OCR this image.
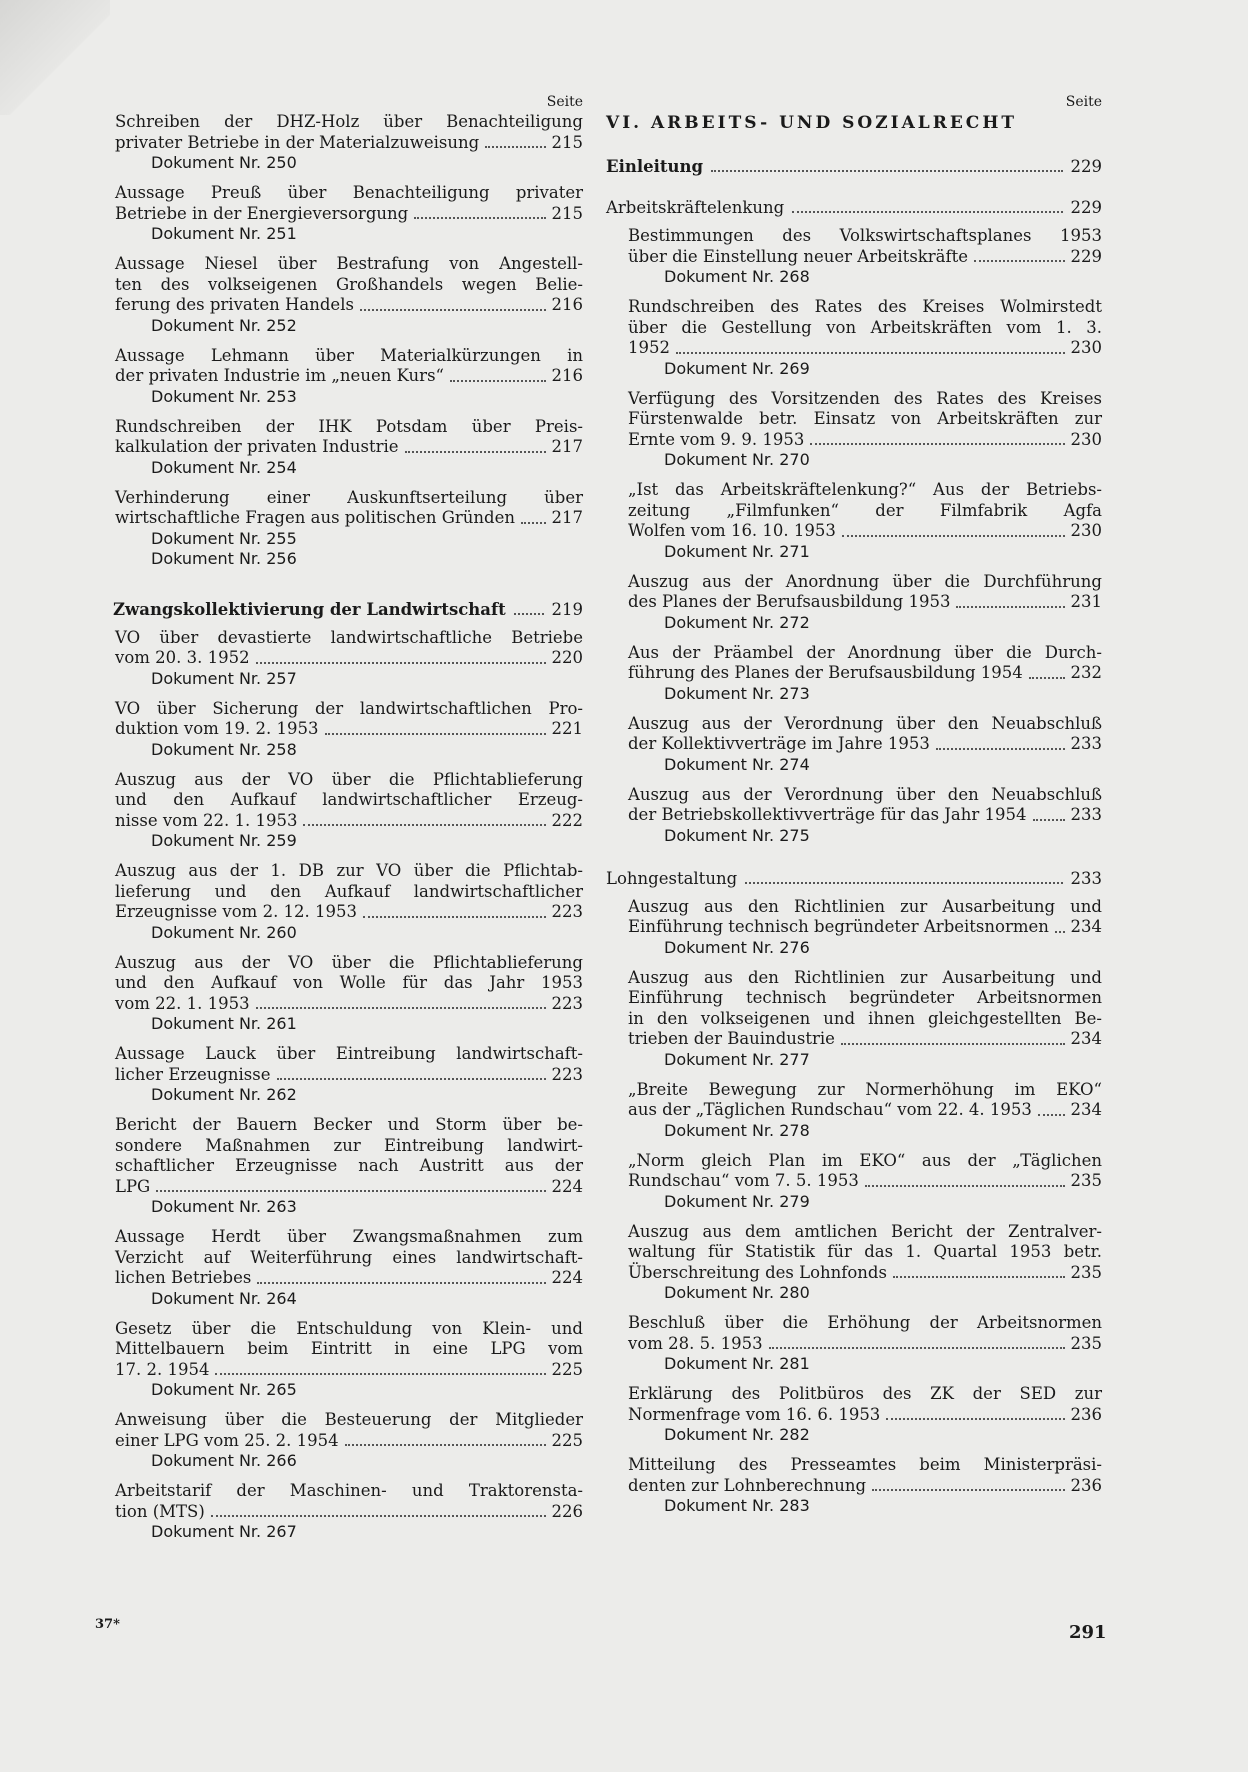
Seite
Schreiben der DHZ-Holz über Benachteiligung
privater Betriebe in der Materialzuweisung	215
Dokument Nr. 250
Aussage Preuß über Benachteiligung privater
Betriebe in der Energieversorgung	215
Dokument Nr. 251
Aussage Niesel über Bestrafung von Angestell-
ten des volkseigenen Großhandels wegen Belie-
ferung des privaten Handels	216
Dokument Nr. 252
Aussage Lehmann über Materialkürzungen in
der privaten Industrie im „neuen Kurs“	216
Dokument Nr. 253
Rundschreiben der IHK Potsdam über Preis-
kalkulation der privaten Industrie	217
Dokument Nr. 254
Verhinderung einer Auskunftserteilung über
wirtschaftliche Fragen aus politischen Gründen 217
Dokument Nr. 255
Dokument Nr. 256
Zwangskollektivierung der Landwirtschaft	219
VO über devastierte landwirtschaftliche Betriebe
vom 20. 3. 1952	220
Dokument Nr. 257
VO über Sicherung der landwirtschaftlichen Pro-
duktion vom 19. 2. 1953	221
Dokument Nr. 258
Auszug aus der VO über die Pflichtablieferung
und den Aufkauf landwirtschaftlicher Erzeug-
nisse vom 22. 1. 1953	222
Dokument Nr. 259
Auszug aus der 1. DB zur VO über die Pflichtab-
lieferung und den Aufkauf landwirtschaftlicher
Erzeugnisse vom 2. 12. 1953	223
Dokument Nr. 260
Auszug aus der VO über die Pflichtablieferung
und den Aufkauf von Wolle für das Jahr 1953
vom 22. 1. 1953	223
Dokument Nr. 261
Aussage Lauck über Eintreibung landwirtschaft-
licher Erzeugnisse	223
Dokument Nr. 262
Bericht der Bauern Becker und Storm über be-
sondere Maßnahmen zur Eintreibung landwirt-
schaftlicher Erzeugnisse nach Austritt aus der
LPG	224
Dokument Nr. 263
Aussage Herdt über Zwangsmaßnahmen zum
Verzicht auf Weiterführung eines landwirtschaft-
lichen Betriebes	224
Dokument Nr. 264
Gesetz über die Entschuldung von Klein- und
Mittelbauern beim Eintritt in eine LPG vom
17. 2. 1954	225
Dokument Nr. 265
Anweisung über die Besteuerung der Mitglieder
einer LPG vom 25. 2. 1954	225
Dokument Nr. 266
Arbeitstarif der Maschinen- und Traktorensta-
tion (MTS)	226
Dokument Nr. 267
Seite
VI. ARBEITS- UND SOZIALRECHT
Einleitung	229
Arbeitskräftelenkung	229
Bestimmungen des Volkswirtschaftsplanes 1953
über die Einstellung neuer Arbeitskräfte	229
Dokument Nr. 268
Rundschreiben des Rates des Kreises Wolmirstedt
über die Gestellung von Arbeitskräften vom 1. 3.
1952	230
Dokument Nr. 269
Verfügung des Vorsitzenden des Rates des Kreises
Fürstenwalde betr. Einsatz von Arbeitskräften zur
Ernte vom 9. 9. 1953	230
Dokument Nr. 270
„Ist das Arbeitskräftelenkung?“ Aus der Betriebs-
zeitung „Filmfunken“ der Filmfabrik Agfa
Wolfen vom 16. 10. 1953	230
Dokument Nr. 271
Auszug aus der Anordnung über die Durchführung
des Planes der Berufsausbildung 1953	231
Dokument Nr. 272
Aus der Präambel der Anordnung über die Durch-
führung des Planes der Berufsausbildung 1954	232
Dokument Nr. 273
Auszug aus der Verordnung über den Neuabschluß
der Kollektivverträge im Jahre 1953	233
Dokument Nr. 274
Auszug aus der Verordnung über den Neuabschluß
der Betriebskollektivverträge für das Jahr 1954	233
Dokument Nr. 275
Lohngestaltung	233
Auszug aus den Richtlinien zur Ausarbeitung und
Einführung technisch begründeter Arbeitsnormen 234
Dokument Nr. 276
Auszug aus den Richtlinien zur Ausarbeitung und
Einführung technisch begründeter Arbeitsnormen
in den volkseigenen und ihnen gleichgestellten Be-
trieben der Bauindustrie	234
Dokument Nr. 277
„Breite Bewegung zur Normerhöhung im EKO“
aus der „Täglichen Rundschau“ vom 22. 4. 1953 234
Dokument Nr. 278
„Norm gleich Plan im EKO“ aus der „Täglichen
Rundschau“ vom 7. 5. 1953	235
Dokument Nr. 279
Auszug aus dem amtlichen Bericht der Zentralver-
waltung für Statistik für das 1. Quartal 1953 betr.
Überschreitung des Lohnfonds	235
Dokument Nr. 280
Beschluß über die Erhöhung der Arbeitsnormen
vom 28. 5. 1953	235
Dokument Nr. 281
Erklärung des Politbüros des ZK der SED zur
Normenfrage vom 16. 6. 1953	236
Dokument Nr. 282
Mitteilung des Presseamtes beim Ministerpräsi-
denten zur Lohnberechnung	236
Dokument Nr. 283
37*	291
